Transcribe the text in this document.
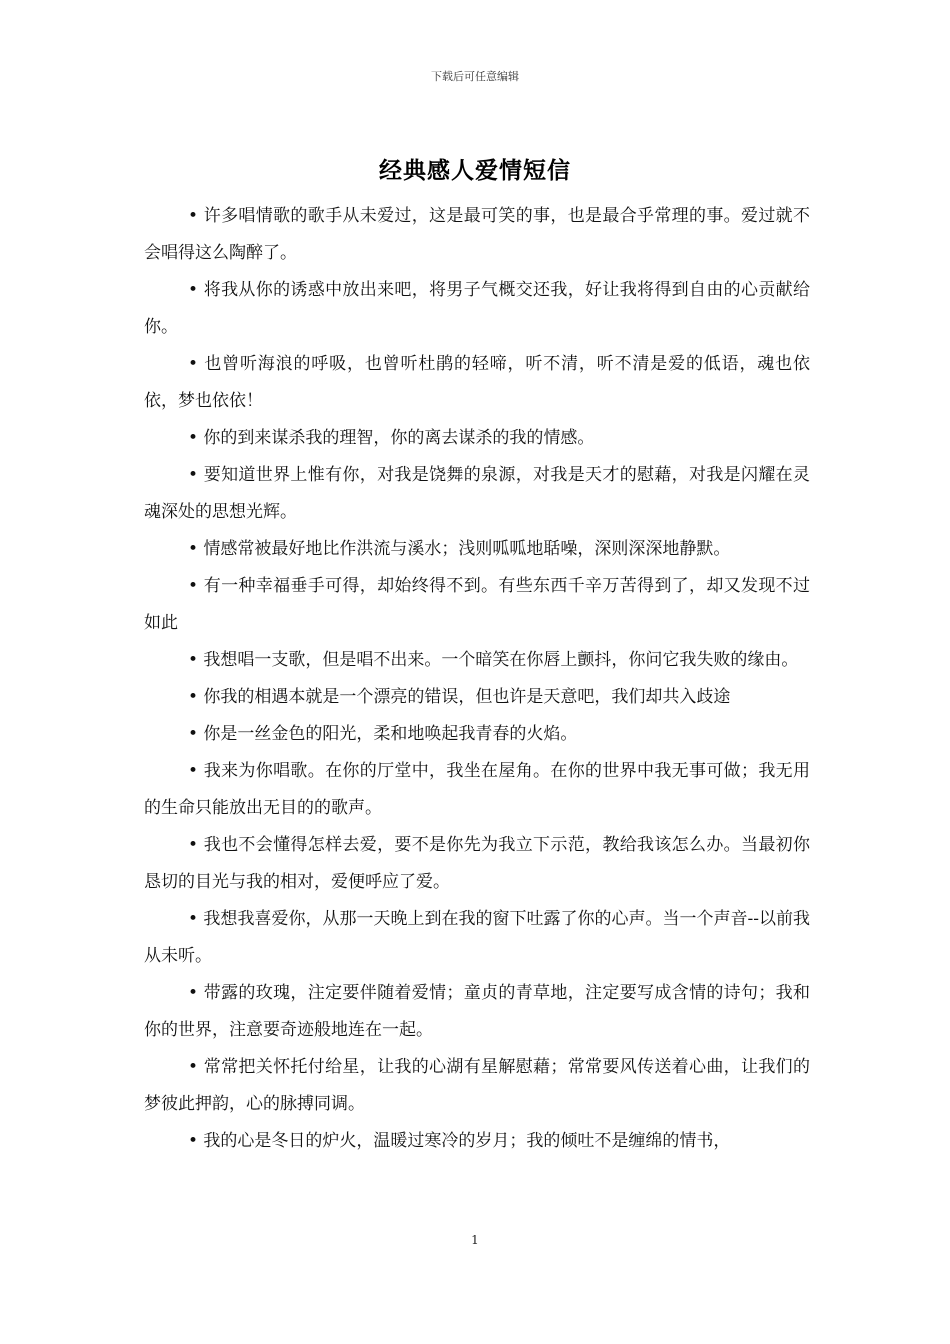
下载后可任意编辑
经典感人爱情短信

• 许多唱情歌的歌手从未爱过，这是最可笑的事，也是最合乎常理的事。爱过就不会唱得这么陶醉了。

• 将我从你的诱惑中放出来吧，将男子气概交还我，好让我将得到自由的心贡献给你。

• 也曾听海浪的呼吸，也曾听杜鹃的轻啼，听不清，听不清是爱的低语，魂也依依，梦也依依！

• 你的到来谋杀我的理智，你的离去谋杀的我的情感。

• 要知道世界上惟有你，对我是饶舞的泉源，对我是天才的慰藉，对我是闪耀在灵魂深处的思想光辉。

• 情感常被最好地比作洪流与溪水；浅则呱呱地聒噪，深则深深地静默。

• 有一种幸福垂手可得，却始终得不到。有些东西千辛万苦得到了，却又发现不过如此

• 我想唱一支歌，但是唱不出来。一个暗笑在你唇上颤抖，你问它我失败的缘由。

• 你我的相遇本就是一个漂亮的错误，但也许是天意吧，我们却共入歧途

• 你是一丝金色的阳光，柔和地唤起我青春的火焰。

• 我来为你唱歌。在你的厅堂中，我坐在屋角。在你的世界中我无事可做；我无用的生命只能放出无目的的歌声。

• 我也不会懂得怎样去爱，要不是你先为我立下示范，教给我该怎么办。当最初你恳切的目光与我的相对，爱便呼应了爱。

• 我想我喜爱你，从那一天晚上到在我的窗下吐露了你的心声。当一个声音--以前我从未听。

• 带露的玫瑰，注定要伴随着爱情；童贞的青草地，注定要写成含情的诗句；我和你的世界，注意要奇迹般地连在一起。

• 常常把关怀托付给星，让我的心湖有星解慰藉；常常要风传送着心曲，让我们的梦彼此押韵，心的脉搏同调。

• 我的心是冬日的炉火，温暖过寒冷的岁月；我的倾吐不是缠绵的情书，

1
